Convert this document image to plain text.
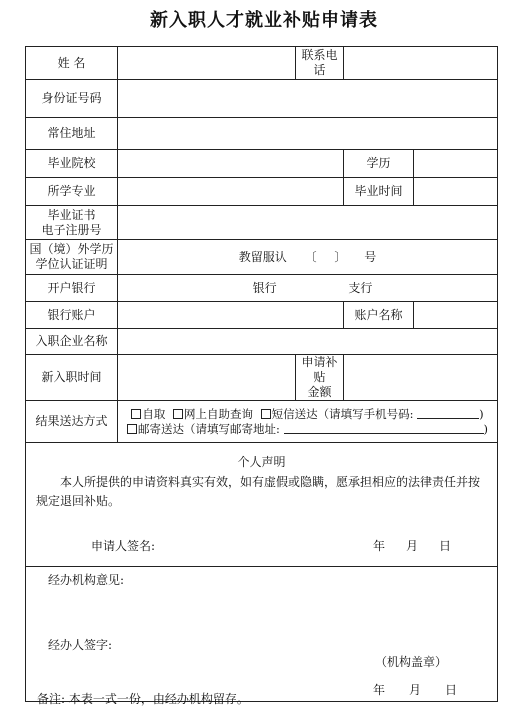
新入职人才就业补贴申请表
姓 名		联系电话		
身份证号码				
常住地址				
毕业院校			学历	
所学专业			毕业时间	

毕业证书
电子注册号				

国（境）外学历
学位认证证明	教留服认 〔 〕 号			
开户银行	银行 支行			
银行账户			账户名称	
入职企业名称				
新入职时间		申请补贴
金额		

结果送达方式	自取 网上自助查询 短信送达（请填写手机号码: )
邮寄送达（请填写邮寄地址: )			

个人声明
本人所提供的申请资料真实有效，如有虚假或隐瞒，愿承担相应的法律责任并按规定退回补贴。
申请人签名: 年 月 日				

经办机构意见:
经办人签字:
（机构盖章）
年 月 日				
备注: 本表一式一份，由经办机构留存。
